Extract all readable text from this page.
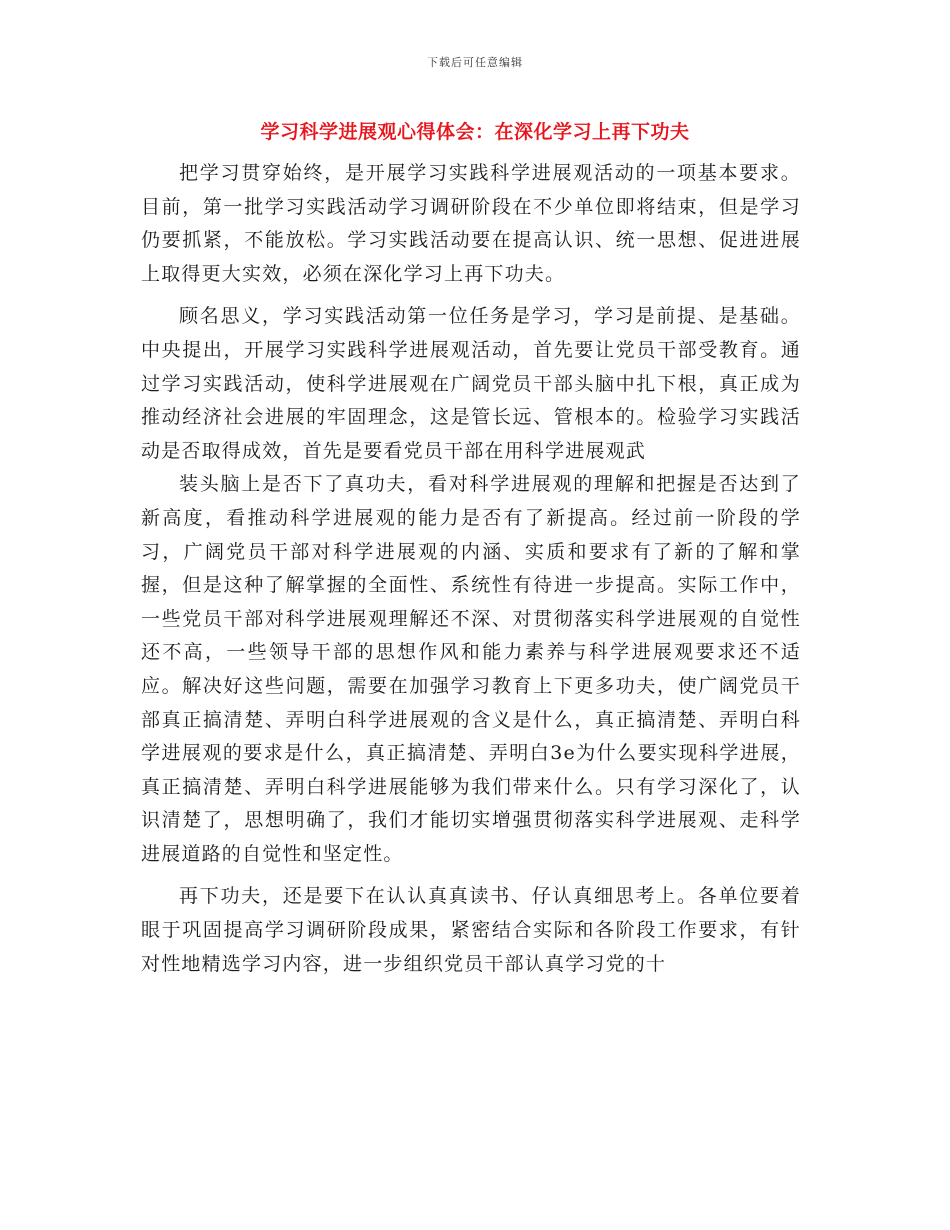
下载后可任意编辑
学习科学进展观心得体会：在深化学习上再下功夫

把学习贯穿始终，是开展学习实践科学进展观活动的一项基本要求。目前，第一批学习实践活动学习调研阶段在不少单位即将结束，但是学习仍要抓紧，不能放松。学习实践活动要在提高认识、统一思想、促进进展上取得更大实效，必须在深化学习上再下功夫。

顾名思义，学习实践活动第一位任务是学习，学习是前提、是基础。中央提出，开展学习实践科学进展观活动，首先要让党员干部受教育。通过学习实践活动，使科学进展观在广阔党员干部头脑中扎下根，真正成为推动经济社会进展的牢固理念，这是管长远、管根本的。检验学习实践活动是否取得成效，首先是要看党员干部在用科学进展观武

装头脑上是否下了真功夫，看对科学进展观的理解和把握是否达到了新高度，看推动科学进展观的能力是否有了新提高。经过前一阶段的学习，广阔党员干部对科学进展观的内涵、实质和要求有了新的了解和掌握，但是这种了解掌握的全面性、系统性有待进一步提高。实际工作中，一些党员干部对科学进展观理解还不深、对贯彻落实科学进展观的自觉性还不高，一些领导干部的思想作风和能力素养与科学进展观要求还不适应。解决好这些问题，需要在加强学习教育上下更多功夫，使广阔党员干部真正搞清楚、弄明白科学进展观的含义是什么，真正搞清楚、弄明白科学进展观的要求是什么，真正搞清楚、弄明白3e为什么要实现科学进展，真正搞清楚、弄明白科学进展能够为我们带来什么。只有学习深化了，认识清楚了，思想明确了，我们才能切实增强贯彻落实科学进展观、走科学进展道路的自觉性和坚定性。

再下功夫，还是要下在认认真真读书、仔认真细思考上。各单位要着眼于巩固提高学习调研阶段成果，紧密结合实际和各阶段工作要求，有针对性地精选学习内容，进一步组织党员干部认真学习党的十
